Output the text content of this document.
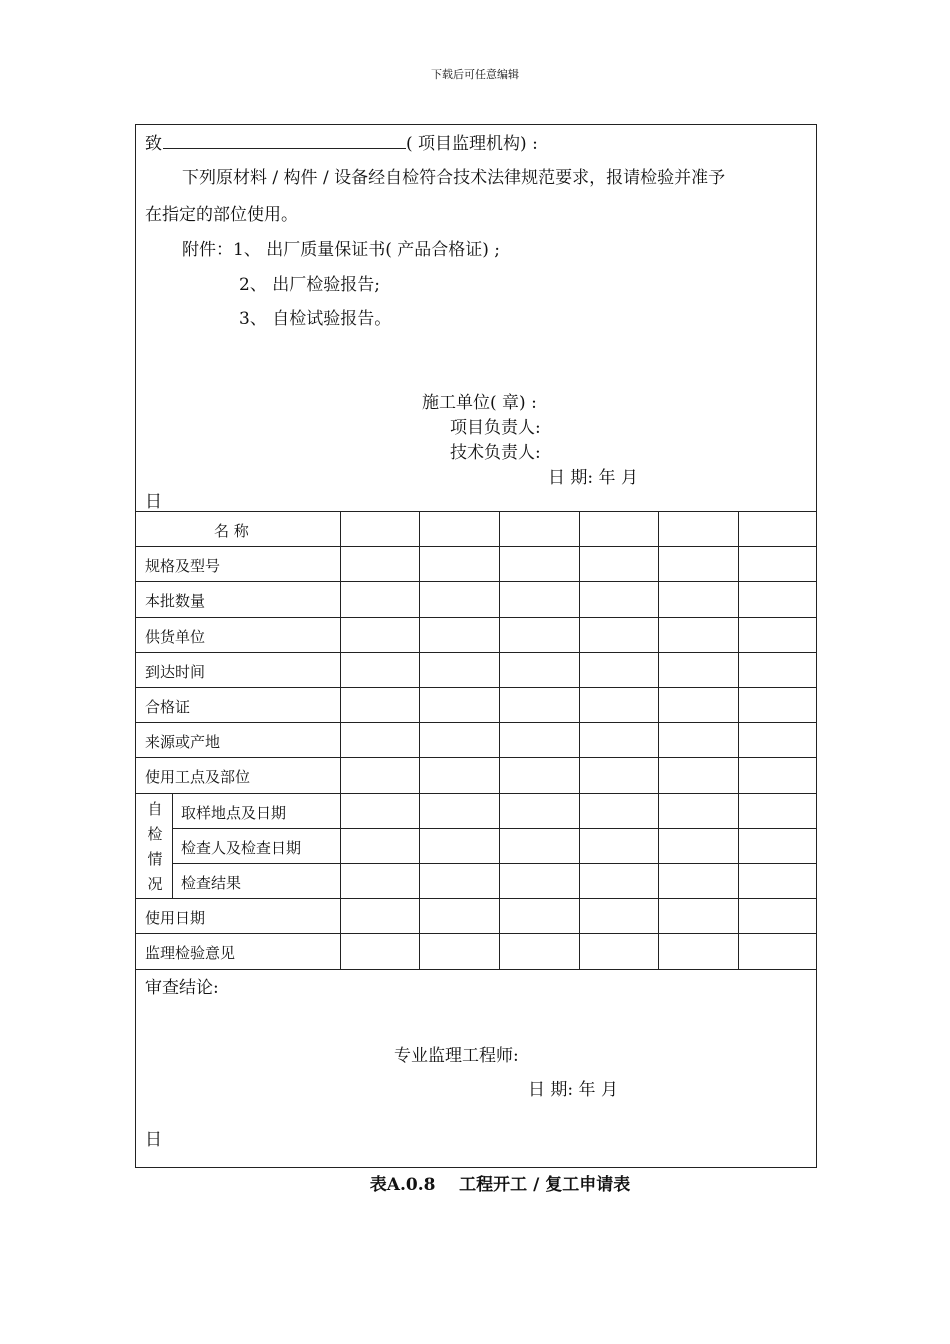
下载后可任意编辑
致	( 项目监理机构) :
下列原材料 / 构件 / 设备经自检符合技术法律规范要求，报请检验并准予
在指定的部位使用。
附件：1、 出厂质量保证书( 产品合格证) ;
2、 出厂检验报告;
3、 自检试验报告。
施工单位( 章) :
项目负责人:
技术负责人:
日 期: 年 月
日
名 称
规格及型号
本批数量
供货单位
到达时间
合格证
来源或产地
使用工点及部位
使用日期
监理检验意见
自
检
情
况
取样地点及日期
检查人及检查日期
检查结果
审查结论:
专业监理工程师:
日 期: 年 月
日
表A.0.8    工程开工 / 复工申请表
